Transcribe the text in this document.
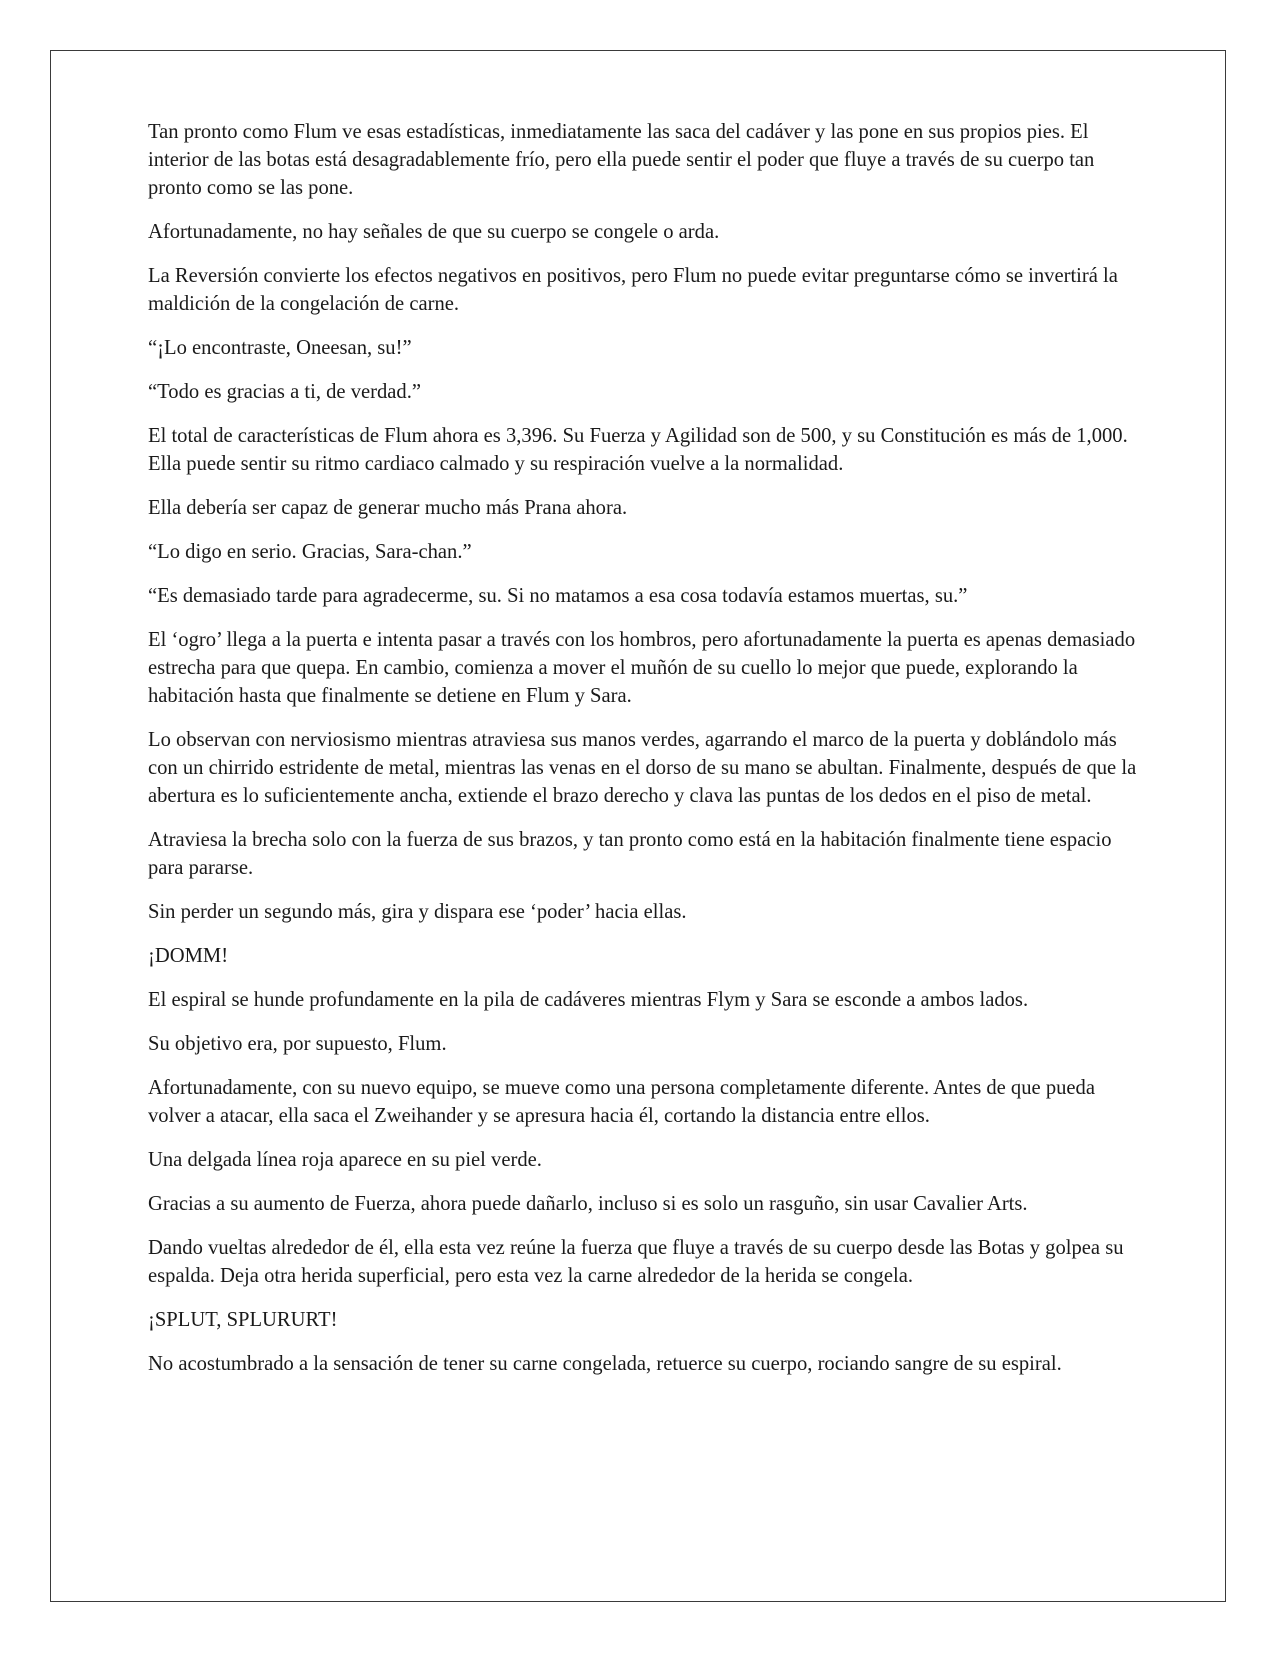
Tan pronto como Flum ve esas estadísticas, inmediatamente las saca del cadáver y las pone en sus propios pies. El interior de las botas está desagradablemente frío, pero ella puede sentir el poder que fluye a través de su cuerpo tan pronto como se las pone.

Afortunadamente, no hay señales de que su cuerpo se congele o arda.

La Reversión convierte los efectos negativos en positivos, pero Flum no puede evitar preguntarse cómo se invertirá la maldición de la congelación de carne.

“¡Lo encontraste, Oneesan, su!”

“Todo es gracias a ti, de verdad.”

El total de características de Flum ahora es 3,396. Su Fuerza y Agilidad son de 500, y su Constitución es más de 1,000. Ella puede sentir su ritmo cardiaco calmado y su respiración vuelve a la normalidad.

Ella debería ser capaz de generar mucho más Prana ahora.

“Lo digo en serio. Gracias, Sara-chan.”

“Es demasiado tarde para agradecerme, su. Si no matamos a esa cosa todavía estamos muertas, su.”

El ‘ogro’ llega a la puerta e intenta pasar a través con los hombros, pero afortunadamente la puerta es apenas demasiado estrecha para que quepa. En cambio, comienza a mover el muñón de su cuello lo mejor que puede, explorando la habitación hasta que finalmente se detiene en Flum y Sara.

Lo observan con nerviosismo mientras atraviesa sus manos verdes, agarrando el marco de la puerta y doblándolo más con un chirrido estridente de metal, mientras las venas en el dorso de su mano se abultan. Finalmente, después de que la abertura es lo suficientemente ancha, extiende el brazo derecho y clava las puntas de los dedos en el piso de metal.

Atraviesa la brecha solo con la fuerza de sus brazos, y tan pronto como está en la habitación finalmente tiene espacio para pararse.

Sin perder un segundo más, gira y dispara ese ‘poder’ hacia ellas.

¡DOMM!

El espiral se hunde profundamente en la pila de cadáveres mientras Flym y Sara se esconde a ambos lados.

Su objetivo era, por supuesto, Flum.

Afortunadamente, con su nuevo equipo, se mueve como una persona completamente diferente. Antes de que pueda volver a atacar, ella saca el Zweihander y se apresura hacia él, cortando la distancia entre ellos.

Una delgada línea roja aparece en su piel verde.

Gracias a su aumento de Fuerza, ahora puede dañarlo, incluso si es solo un rasguño, sin usar Cavalier Arts.

Dando vueltas alrededor de él, ella esta vez reúne la fuerza que fluye a través de su cuerpo desde las Botas y golpea su espalda. Deja otra herida superficial, pero esta vez la carne alrededor de la herida se congela.

¡SPLUT, SPLURURT!

No acostumbrado a la sensación de tener su carne congelada, retuerce su cuerpo, rociando sangre de su espiral.
